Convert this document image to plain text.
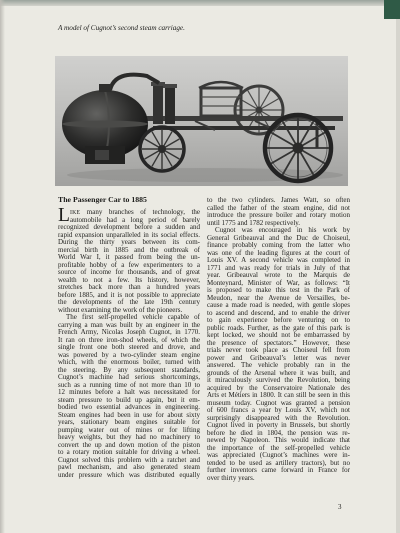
A model of Cugnot’s second steam carriage.
The Passenger Car to 1885
L IKE many branches of technology, the
automobile had a long period of barely
recognized development before a sudden and
rapid expansion unparalleled in its social effects.
During the thirty years between its com-
mercial birth in 1885 and the outbreak of
World War I, it passed from being the un-
profitable hobby of a few experimenters to a
source of income for thousands, and of great
wealth to not a few. Its history, however,
stretches back more than a hundred years
before 1885, and it is not possible to appreciate
the developments of the late 19th century
without examining the work of the pioneers.
The first self-propelled vehicle capable of
carrying a man was built by an engineer in the
French Army, Nicolas Joseph Cugnot, in 1770.
It ran on three iron-shod wheels, of which the
single front one both steered and drove, and
was powered by a two-cylinder steam engine
which, with the enormous boiler, turned with
the steering. By any subsequent standards,
Cugnot’s machine had serious shortcomings,
such as a running time of not more than 10 to
12 minutes before a halt was necessitated for
steam pressure to build up again, but it em-
bodied two essential advances in engineering.
Steam engines had been in use for about sixty
years, stationary beam engines suitable for
pumping water out of mines or for lifting
heavy weights, but they had no machinery to
convert the up and down motion of the piston
to a rotary motion suitable for driving a wheel.
Cugnot solved this problem with a ratchet and
pawl mechanism, and also generated steam
under pressure which was distributed equally
to the two cylinders. James Watt, so often
called the father of the steam engine, did not
introduce the pressure boiler and rotary motion
until 1775 and 1782 respectively.
Cugnot was encouraged in his work by
General Gribeauval and the Duc de Choiseul,
finance probably coming from the latter who
was one of the leading figures at the court of
Louis XV. A second vehicle was completed in
1771 and was ready for trials in July of that
year. Gribeauval wrote to the Marquis de
Monteynard, Minister of War, as follows: “It
is proposed to make this test in the Park of
Meudon, near the Avenue de Versailles, be-
cause a made road is needed, with gentle slopes
to ascend and descend, and to enable the driver
to gain experience before venturing on to
public roads. Further, as the gate of this park is
kept locked, we should not be embarrassed by
the presence of spectators.” However, these
trials never took place as Choiseul fell from
power and Gribeauval’s letter was never
answered. The vehicle probably ran in the
grounds of the Arsenal where it was built, and
it miraculously survived the Revolution, being
acquired by the Conservatoire Nationale des
Arts et Métiers in 1800. It can still be seen in this
museum today. Cugnot was granted a pension
of 600 francs a year by Louis XV, which not
surprisingly disappeared with the Revolution.
Cugnot lived in poverty in Brussels, but shortly
before he died in 1804, the pension was re-
newed by Napoleon. This would indicate that
the importance of the self-propelled vehicle
was appreciated (Cugnot’s machines were in-
tended to be used as artillery tractors), but no
further inventors came forward in France for
over thirty years.
3
